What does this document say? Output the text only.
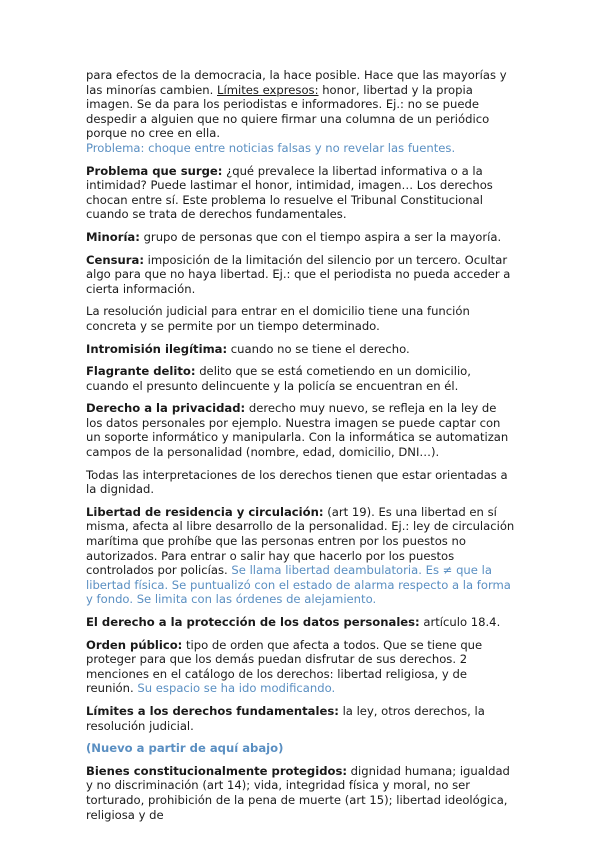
para efectos de la democracia, la hace posible. Hace que las mayorías y las minorías cambien. Límites expresos: honor, libertad y la propia imagen. Se da para los periodistas e informadores. Ej.: no se puede despedir a alguien que no quiere firmar una columna de un periódico porque no cree en ella.
Problema: choque entre noticias falsas y no revelar las fuentes.

Problema que surge: ¿qué prevalece la libertad informativa o a la intimidad? Puede lastimar el honor, intimidad, imagen… Los derechos chocan entre sí. Este problema lo resuelve el Tribunal Constitucional cuando se trata de derechos fundamentales.

Minoría: grupo de personas que con el tiempo aspira a ser la mayoría.

Censura: imposición de la limitación del silencio por un tercero. Ocultar algo para que no haya libertad. Ej.: que el periodista no pueda acceder a cierta información.

La resolución judicial para entrar en el domicilio tiene una función concreta y se permite por un tiempo determinado.

Intromisión ilegítima: cuando no se tiene el derecho.

Flagrante delito: delito que se está cometiendo en un domicilio, cuando el presunto delincuente y la policía se encuentran en él.

Derecho a la privacidad: derecho muy nuevo, se refleja en la ley de los datos personales por ejemplo. Nuestra imagen se puede captar con un soporte informático y manipularla. Con la informática se automatizan campos de la personalidad (nombre, edad, domicilio, DNI…).

Todas las interpretaciones de los derechos tienen que estar orientadas a la dignidad.

Libertad de residencia y circulación: (art 19). Es una libertad en sí misma, afecta al libre desarrollo de la personalidad. Ej.: ley de circulación marítima que prohíbe que las personas entren por los puestos no autorizados. Para entrar o salir hay que hacerlo por los puestos controlados por policías. Se llama libertad deambulatoria. Es ≠ que la libertad física. Se puntualizó con el estado de alarma respecto a la forma y fondo. Se limita con las órdenes de alejamiento.

El derecho a la protección de los datos personales: artículo 18.4.

Orden público: tipo de orden que afecta a todos. Que se tiene que proteger para que los demás puedan disfrutar de sus derechos. 2 menciones en el catálogo de los derechos: libertad religiosa, y de reunión. Su espacio se ha ido modificando.

Límites a los derechos fundamentales: la ley, otros derechos, la resolución judicial.

(Nuevo a partir de aquí abajo)

Bienes constitucionalmente protegidos: dignidad humana; igualdad y no discriminación (art 14); vida, integridad física y moral, no ser torturado, prohibición de la pena de muerte (art 15); libertad ideológica, religiosa y de
